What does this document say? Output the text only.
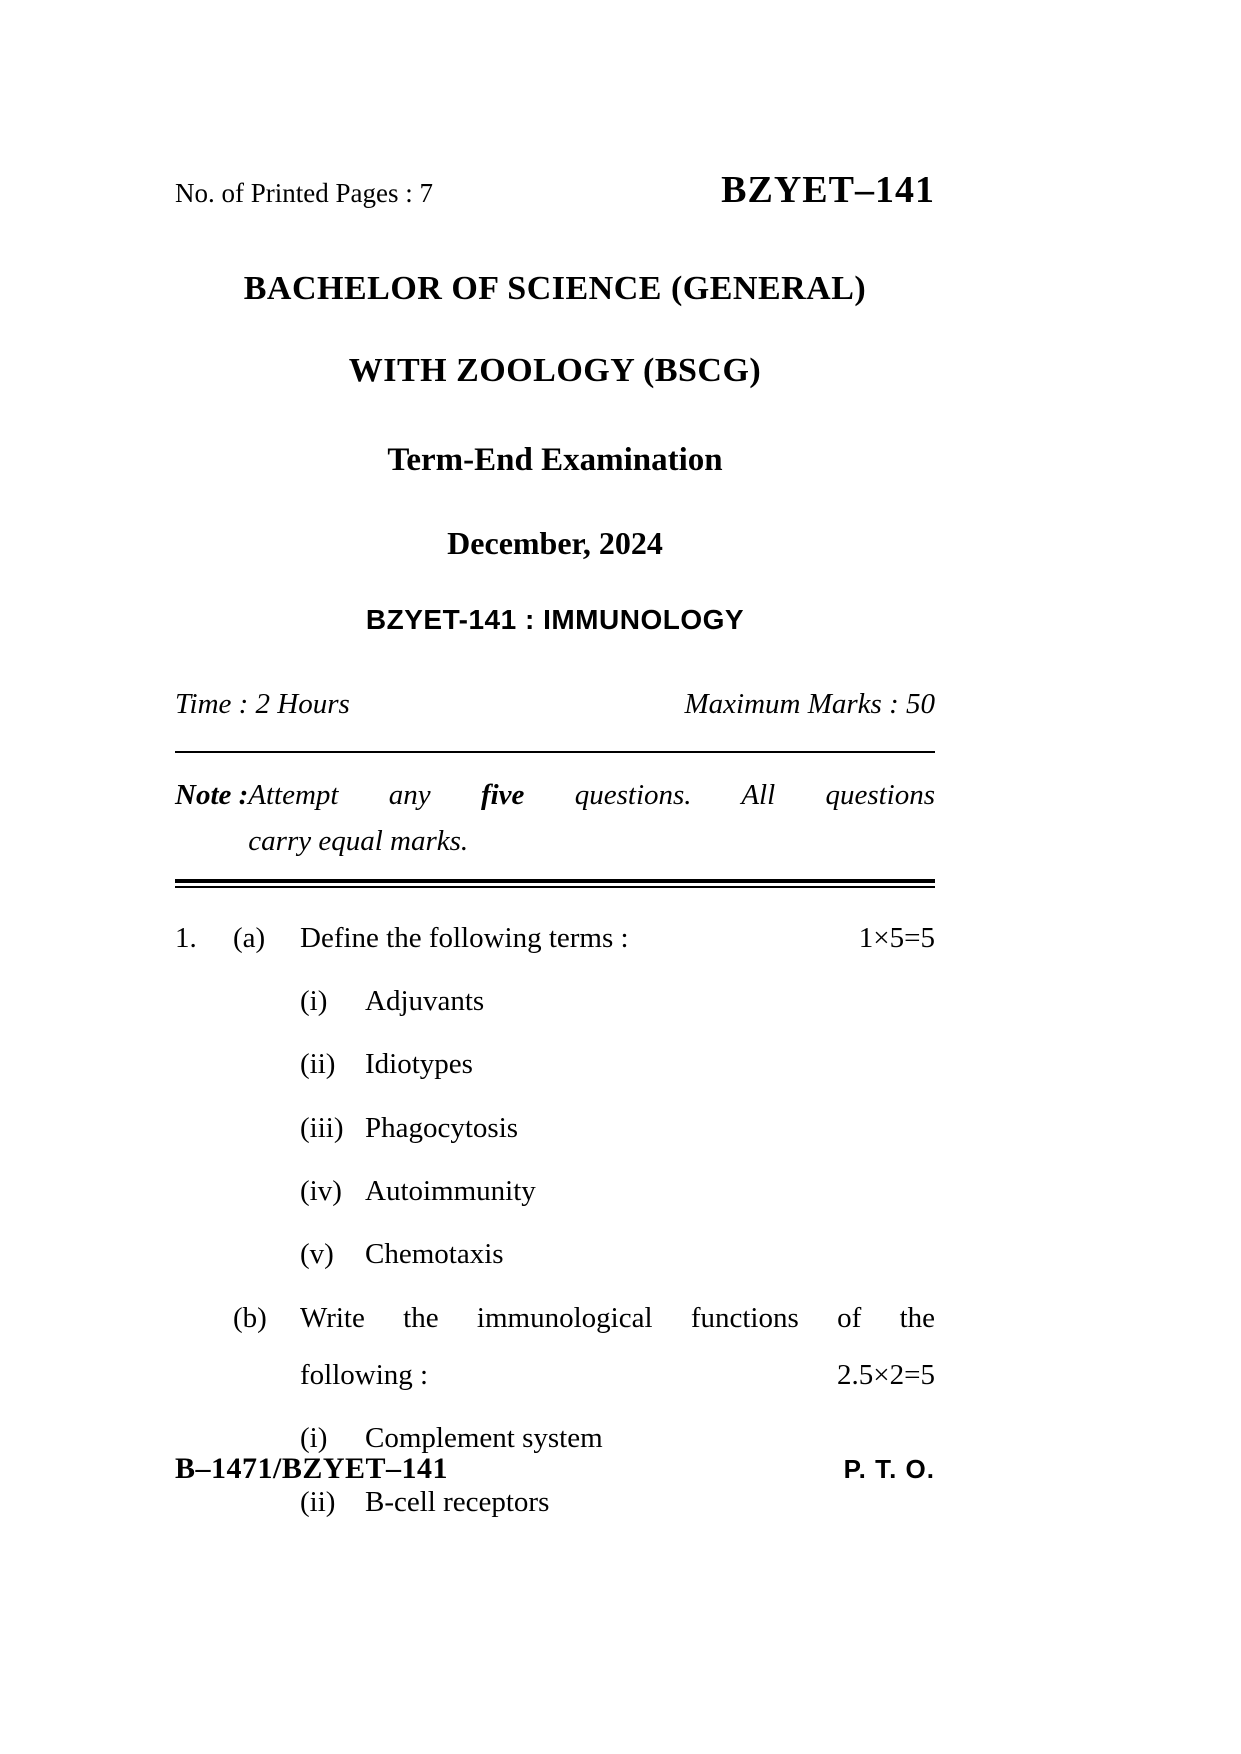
No. of Printed Pages : 7	BZYET–141
BACHELOR OF SCIENCE (GENERAL)
WITH ZOOLOGY (BSCG)
Term-End Examination
December, 2024
BZYET-141 : IMMUNOLOGY
Time : 2 Hours	Maximum Marks : 50
Note : Attempt any five questions. All questions
carry equal marks.
1.	(a)	Define the following terms :	1×5=5
(i)	Adjuvants
(ii)	Idiotypes
(iii) Phagocytosis
(iv) Autoimmunity
(v)	Chemotaxis
(b)	Write the immunological functions of the
following :	2.5×2=5
(i)	Complement system
(ii)	B-cell receptors
B–1471/BZYET–141	P. T. O.
